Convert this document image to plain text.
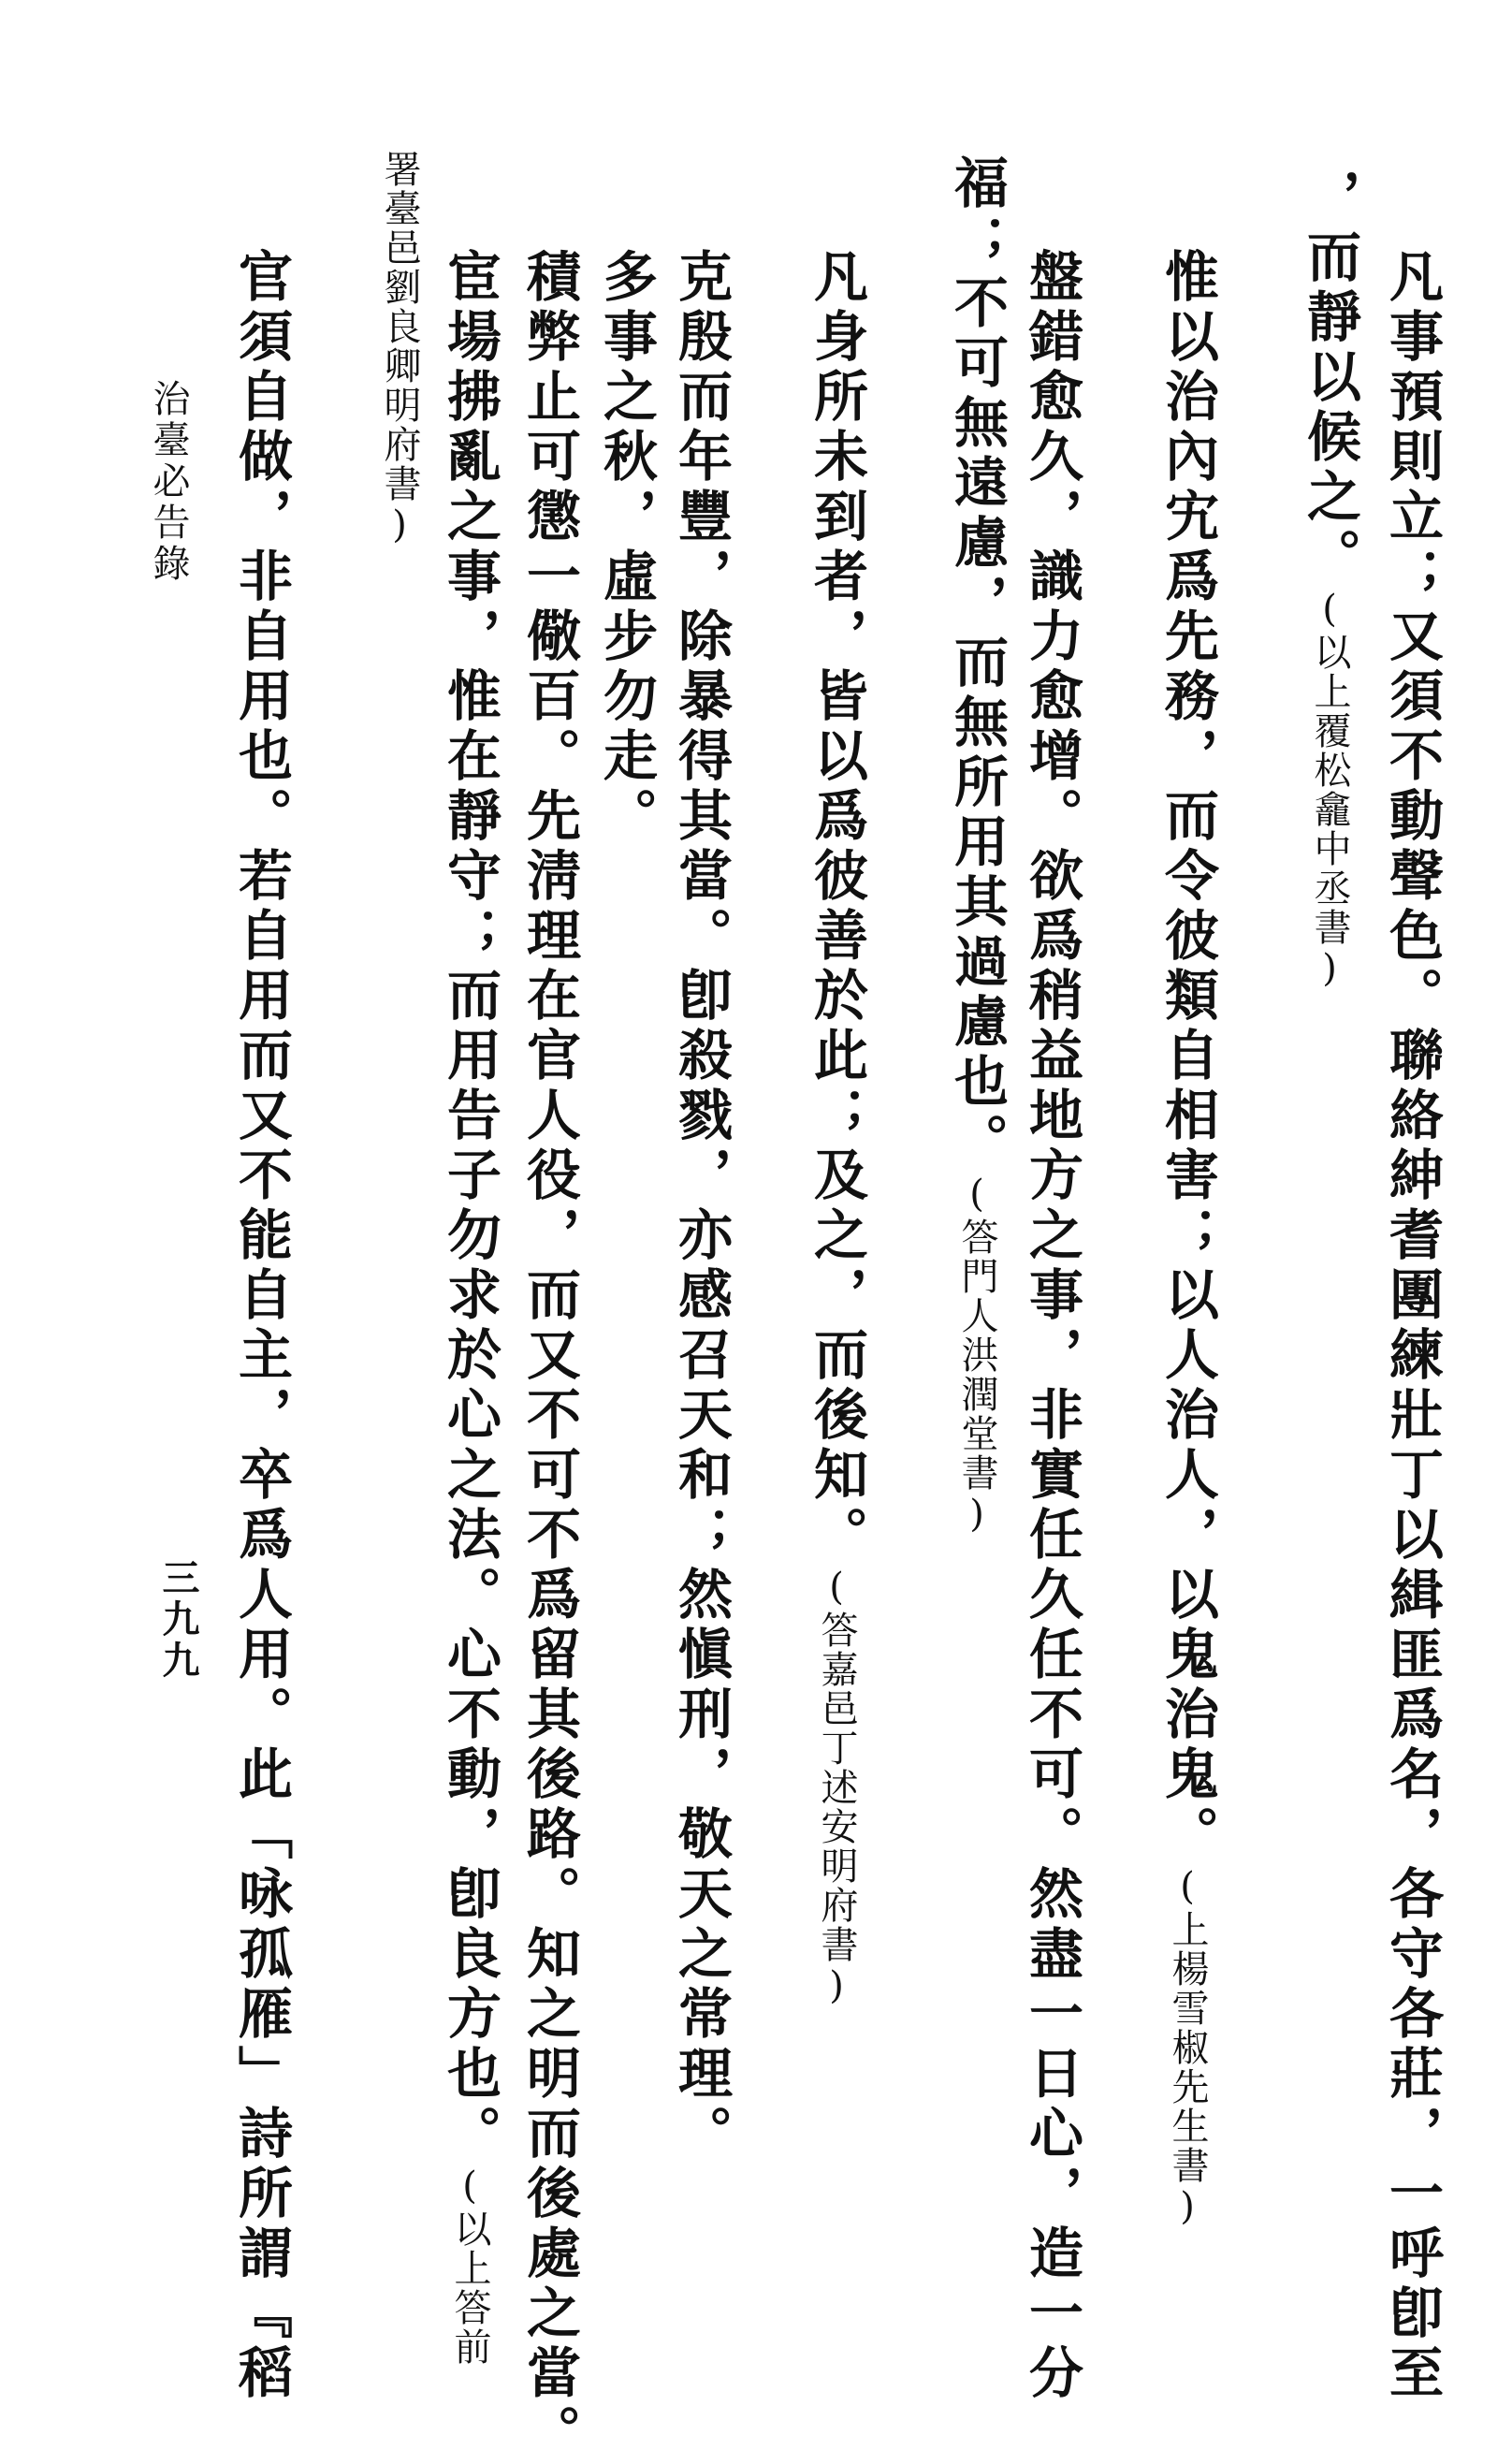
凡事預則立；又須不動聲色。聯絡紳耆團練壯丁以緝匪爲名，各守各莊，一呼卽至
，而靜以候之。(以上覆松龕中丞書)
惟以治內宄爲先務，而令彼類自相害；以人治人，以鬼治鬼。(上楊雪椒先生書)
盤錯愈久，識力愈增。欲爲稍益地方之事，非實任久任不可。然盡一日心，造一分
福；不可無遠慮，而無所用其過慮也。(答門人洪潤堂書)
凡身所未到者，皆以爲彼善於此；及之，而後知。(答嘉邑丁述安明府書)
克殷而年豐，除暴得其當。卽殺戮，亦感召天和；然愼刑，敬天之常理。
多事之秋，虛步勿走。
積弊止可懲一儆百。先淸理在官人役，而又不可不爲留其後路。知之明而後處之當。
宦場拂亂之事，惟在靜守；而用告子勿求於心之法。心不動，卽良方也。(以上答前
署臺邑劉良卿明府書)
官須自做，非自用也。若自用而又不能自主，卒爲人用。此「咏孤雁」詩所謂『稻
治臺必告錄
三九九
